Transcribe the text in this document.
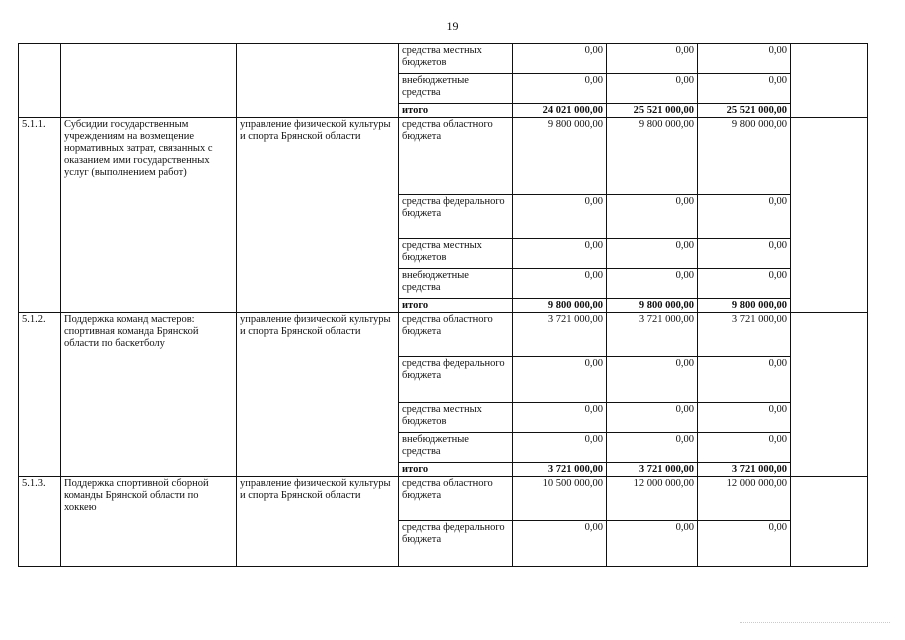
19
			средства местных бюджетов	0,00	0,00	0,00	
			внебюджетные средства	0,00	0,00	0,00	
			итого	24 021 000,00	25 521 000,00	25 521 000,00	
5.1.1.	Субсидии государственным учреждениям на возмещение нормативных затрат, связанных с оказанием ими государственных услуг (выполнением работ)	управление физической культуры и спорта Брянской области	средства областного бюджета	9 800 000,00	9 800 000,00	9 800 000,00	
			средства федерального бюджета	0,00	0,00	0,00	
			средства местных бюджетов	0,00	0,00	0,00	
			внебюджетные средства	0,00	0,00	0,00	
			итого	9 800 000,00	9 800 000,00	9 800 000,00	
5.1.2.	Поддержка команд мастеров: спортивная команда Брянской области по баскетболу	управление физической культуры и спорта Брянской области	средства областного бюджета	3 721 000,00	3 721 000,00	3 721 000,00	
			средства федерального бюджета	0,00	0,00	0,00	
			средства местных бюджетов	0,00	0,00	0,00	
			внебюджетные средства	0,00	0,00	0,00	
			итого	3 721 000,00	3 721 000,00	3 721 000,00	
5.1.3.	Поддержка спортивной сборной команды Брянской области по хоккею	управление физической культуры и спорта Брянской области	средства областного бюджета	10 500 000,00	12 000 000,00	12 000 000,00	
			средства федерального бюджета	0,00	0,00	0,00	
